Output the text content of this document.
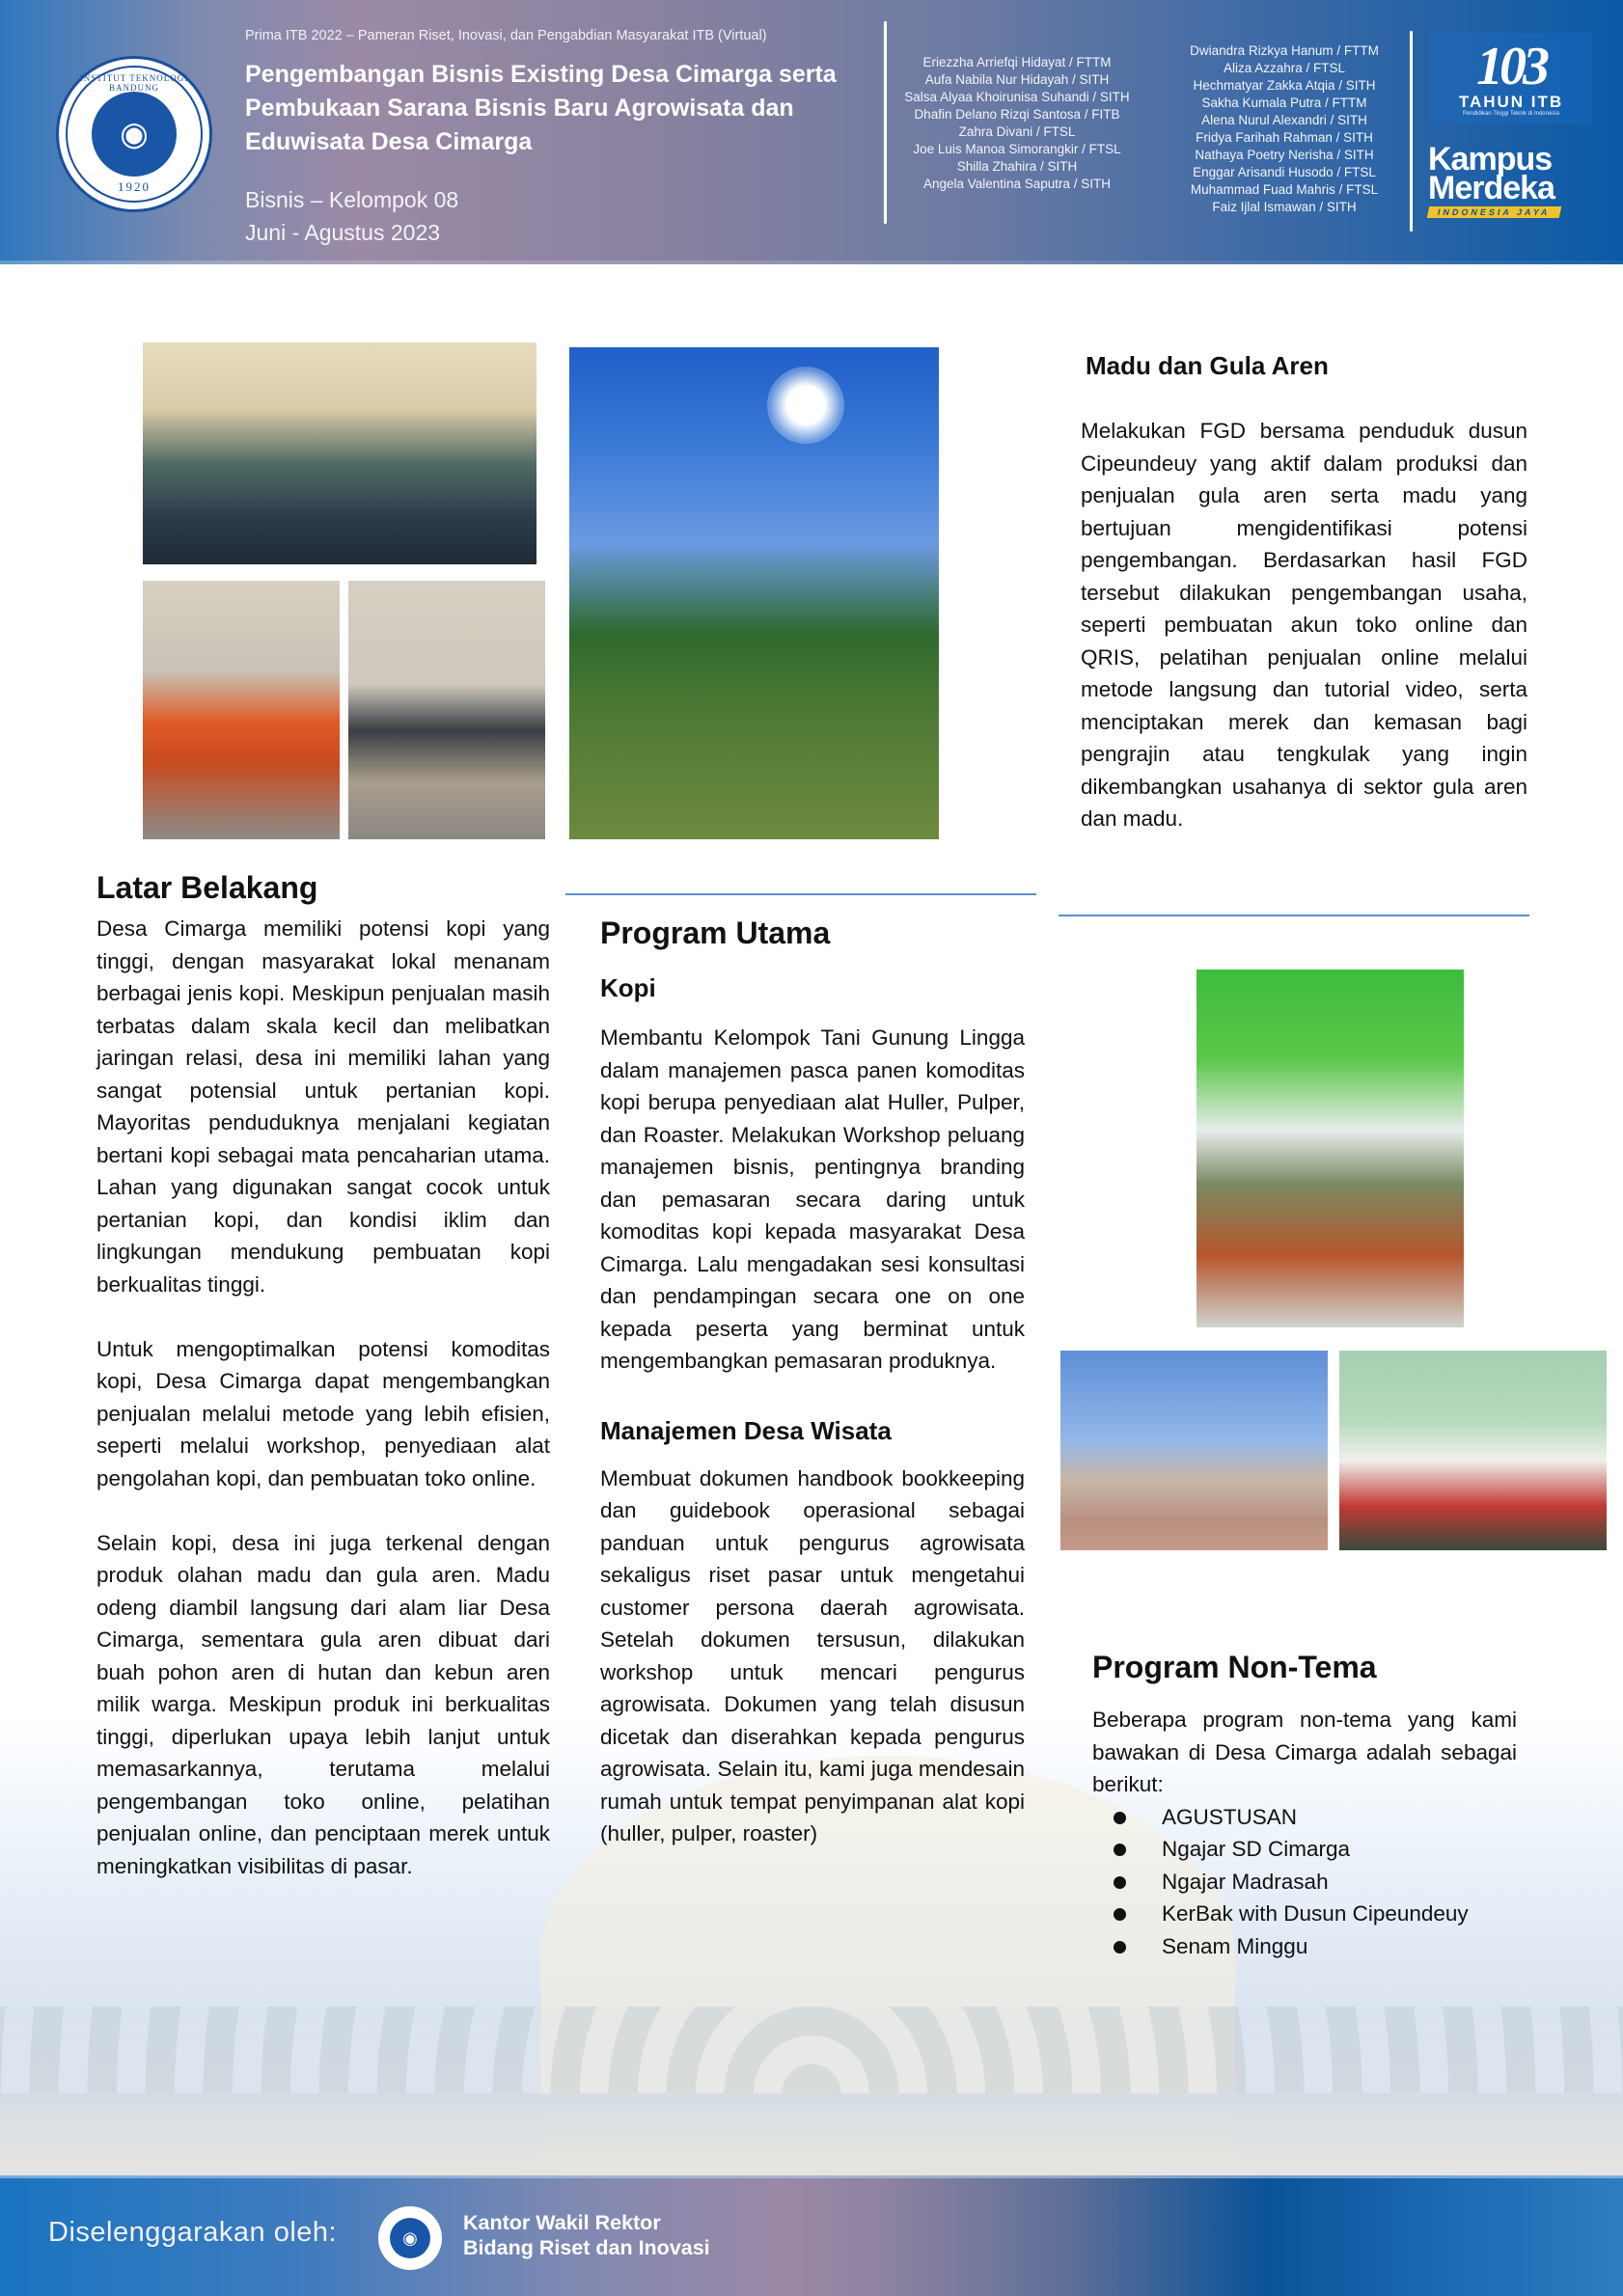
INSTITUT TEKNOLOGI BANDUNG
◉
1920
Prima ITB 2022 – Pameran Riset, Inovasi, dan Pengabdian Masyarakat ITB (Virtual)
Pengembangan Bisnis Existing Desa Cimarga serta
Pembukaan Sarana Bisnis Baru Agrowisata dan
Eduwisata Desa Cimarga
Bisnis – Kelompok 08
Juni - Agustus 2023
Eriezzha Arriefqi Hidayat / FTTM
Aufa Nabila Nur Hidayah / SITH
Salsa Alyaa Khoirunisa Suhandi / SITH
Dhafin Delano Rizqi Santosa / FITB
Zahra Divani / FTSL
Joe Luis Manoa Simorangkir / FTSL
Shilla Zhahira / SITH
Angela Valentina Saputra / SITH
Dwiandra Rizkya Hanum / FTTM
Aliza Azzahra / FTSL
Hechmatyar Zakka Atqia / SITH
Sakha Kumala Putra / FTTM
Alena Nurul Alexandri / SITH
Fridya Farihah Rahman / SITH
Nathaya Poetry Nerisha / SITH
Enggar Arisandi Husodo / FTSL
Muhammad Fuad Mahris / FTSL
Faiz Ijlal Ismawan / SITH
103
TAHUN ITB
Pendidikan Tinggi Teknik di Indonesia
Kampus
Merdeka
INDONESIA JAYA
Madu dan Gula Aren
Melakukan FGD bersama penduduk dusun Cipeundeuy yang aktif dalam produksi dan penjualan gula aren serta madu yang bertujuan mengidentifikasi potensi pengembangan. Berdasarkan hasil FGD tersebut dilakukan pengembangan usaha, seperti pembuatan akun toko online dan QRIS, pelatihan penjualan online melalui metode langsung dan tutorial video, serta menciptakan merek dan kemasan bagi pengrajin atau tengkulak yang ingin dikembangkan usahanya di sektor gula aren dan madu.
Latar Belakang

Desa Cimarga memiliki potensi kopi yang tinggi, dengan masyarakat lokal menanam berbagai jenis kopi. Meskipun penjualan masih terbatas dalam skala kecil dan melibatkan jaringan relasi, desa ini memiliki lahan yang sangat potensial untuk pertanian kopi. Mayoritas penduduknya menjalani kegiatan bertani kopi sebagai mata pencaharian utama. Lahan yang digunakan sangat cocok untuk pertanian kopi, dan kondisi iklim dan lingkungan mendukung pembuatan kopi berkualitas tinggi.

Untuk mengoptimalkan potensi komoditas kopi, Desa Cimarga dapat mengembangkan penjualan melalui metode yang lebih efisien, seperti melalui workshop, penyediaan alat pengolahan kopi, dan pembuatan toko online.

Selain kopi, desa ini juga terkenal dengan produk olahan madu dan gula aren. Madu odeng diambil langsung dari alam liar Desa Cimarga, sementara gula aren dibuat dari buah pohon aren di hutan dan kebun aren milik warga. Meskipun produk ini berkualitas tinggi, diperlukan upaya lebih lanjut untuk memasarkannya, terutama melalui pengembangan toko online, pelatihan penjualan online, dan penciptaan merek untuk meningkatkan visibilitas di pasar.

Program Utama
Kopi
Membantu Kelompok Tani Gunung Lingga dalam manajemen pasca panen komoditas kopi berupa penyediaan alat Huller, Pulper, dan Roaster. Melakukan Workshop peluang manajemen bisnis, pentingnya branding dan pemasaran secara daring untuk komoditas kopi kepada masyarakat Desa Cimarga. Lalu mengadakan sesi konsultasi dan pendampingan secara one on one kepada peserta yang berminat untuk mengembangkan pemasaran produknya.
Manajemen Desa Wisata
Membuat dokumen handbook bookkeeping dan guidebook operasional sebagai panduan untuk pengurus agrowisata sekaligus riset pasar untuk mengetahui customer persona daerah agrowisata. Setelah dokumen tersusun, dilakukan workshop untuk mencari pengurus agrowisata. Dokumen yang telah disusun dicetak dan diserahkan kepada pengurus agrowisata. Selain itu, kami juga mendesain rumah untuk tempat penyimpanan alat kopi (huller, pulper, roaster)
Program Non-Tema
Beberapa program non-tema yang kami bawakan di Desa Cimarga adalah sebagai berikut:
AGUSTUSAN
Ngajar SD Cimarga
Ngajar Madrasah
KerBak with Dusun Cipeundeuy
Senam Minggu
Diselenggarakan oleh:	◉
Kantor Wakil Rektor
Bidang Riset dan Inovasi
